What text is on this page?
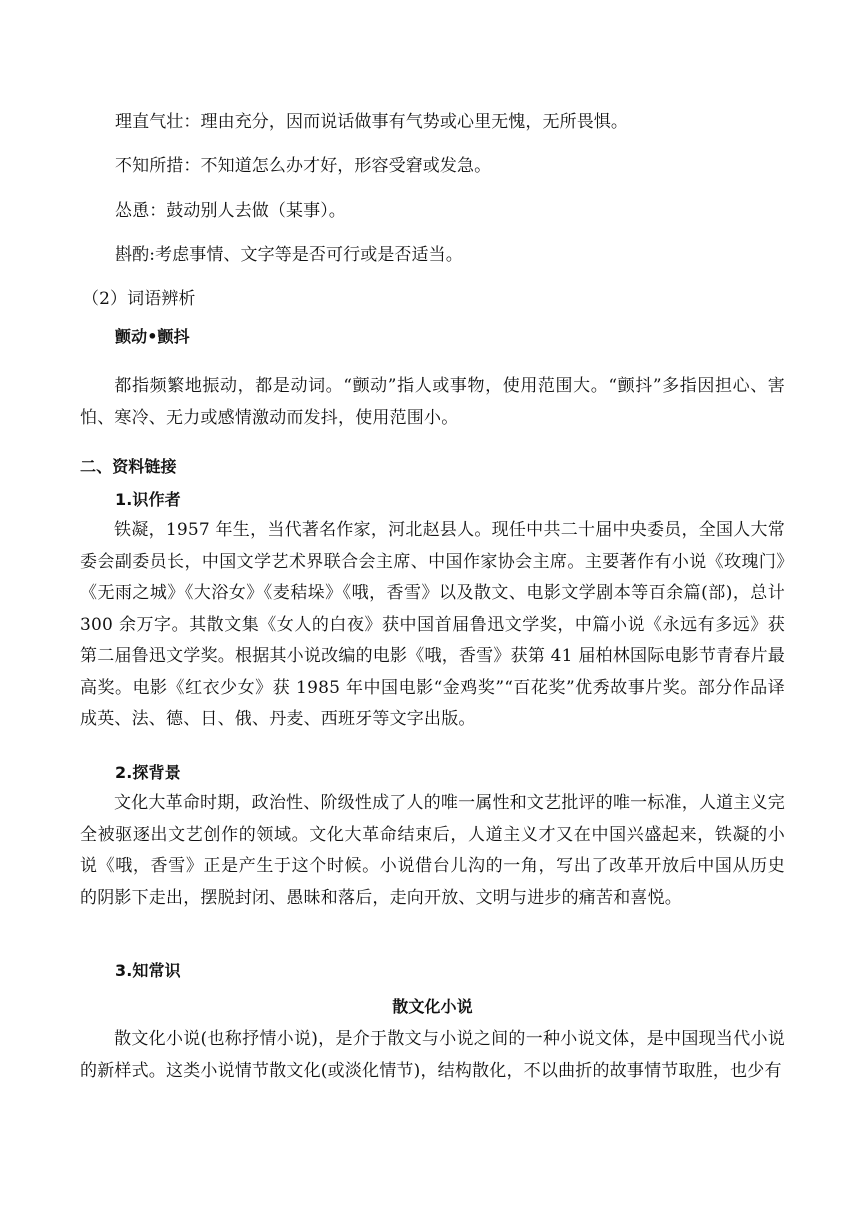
理直气壮：理由充分，因而说话做事有气势或心里无愧，无所畏惧。
不知所措：不知道怎么办才好，形容受窘或发急。
怂恿：鼓动别人去做（某事）。
斟酌:考虑事情、文字等是否可行或是否适当。
（2）词语辨析
颤动•颤抖
都指频繁地振动，都是动词。“颤动”指人或事物，使用范围大。“颤抖”多指因担心、害怕、寒冷、无力或感情激动而发抖，使用范围小。
二、资料链接
1.识作者
铁凝，1957 年生，当代著名作家，河北赵县人。现任中共二十届中央委员，全国人大常委会副委员长，中国文学艺术界联合会主席、中国作家协会主席。主要著作有小说《玫瑰门》《无雨之城》《大浴女》《麦秸垛》《哦，香雪》以及散文、电影文学剧本等百余篇(部)，总计 300 余万字。其散文集《女人的白夜》获中国首届鲁迅文学奖，中篇小说《永远有多远》获第二届鲁迅文学奖。根据其小说改编的电影《哦，香雪》获第 41 届柏林国际电影节青春片最高奖。电影《红衣少女》获 1985 年中国电影“金鸡奖”“百花奖”优秀故事片奖。部分作品译成英、法、德、日、俄、丹麦、西班牙等文字出版。
2.探背景
文化大革命时期，政治性、阶级性成了人的唯一属性和文艺批评的唯一标准，人道主义完全被驱逐出文艺创作的领域。文化大革命结束后，人道主义才又在中国兴盛起来，铁凝的小说《哦，香雪》正是产生于这个时候。小说借台儿沟的一角，写出了改革开放后中国从历史的阴影下走出，摆脱封闭、愚昧和落后，走向开放、文明与进步的痛苦和喜悦。
3.知常识
散文化小说
散文化小说(也称抒情小说)，是介于散文与小说之间的一种小说文体，是中国现当代小说的新样式。这类小说情节散文化(或淡化情节)，结构散化，不以曲折的故事情节取胜，也少有
